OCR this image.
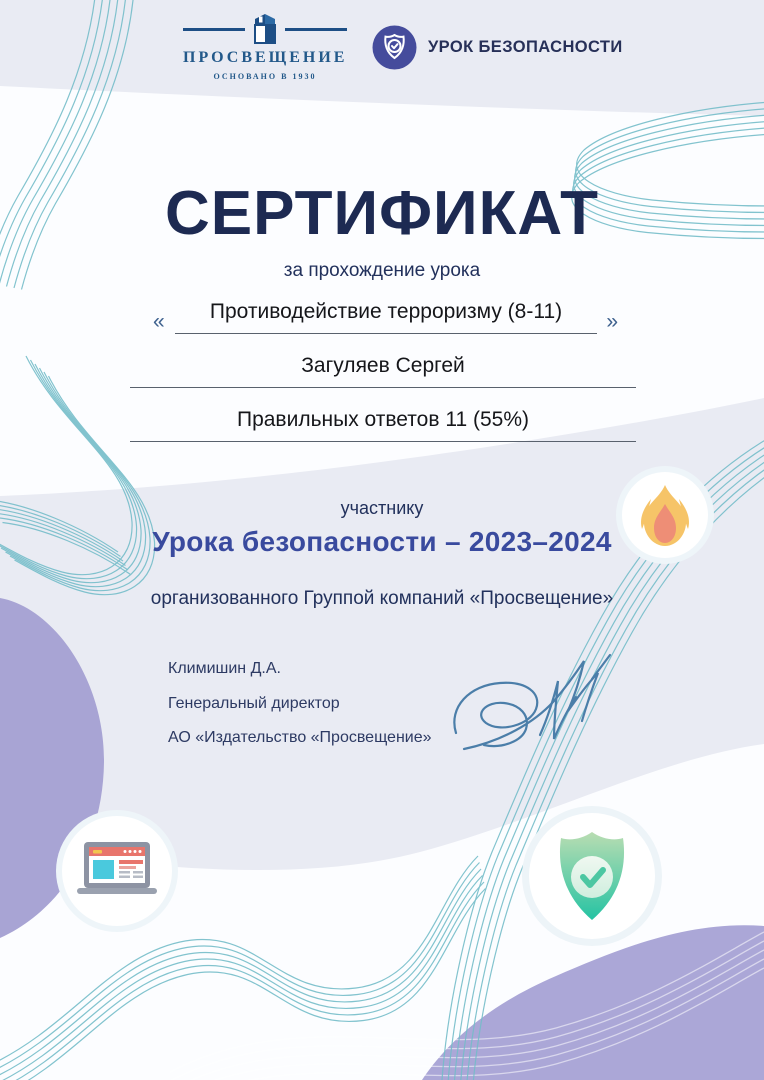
ПРОСВЕЩЕНИЕ
ОСНОВАНО В 1930
УРОК БЕЗОПАСНОСТИ
СЕРТИФИКАТ
за прохождение урока
«	Противодействие терроризму (8-11)	»
Загуляев Сергей
Правильных ответов 11 (55%)
участнику
Урока безопасности – 2023–2024
организованного Группой компаний «Просвещение»
Климишин Д.А.
Генеральный директор
АО «Издательство «Просвещение»
